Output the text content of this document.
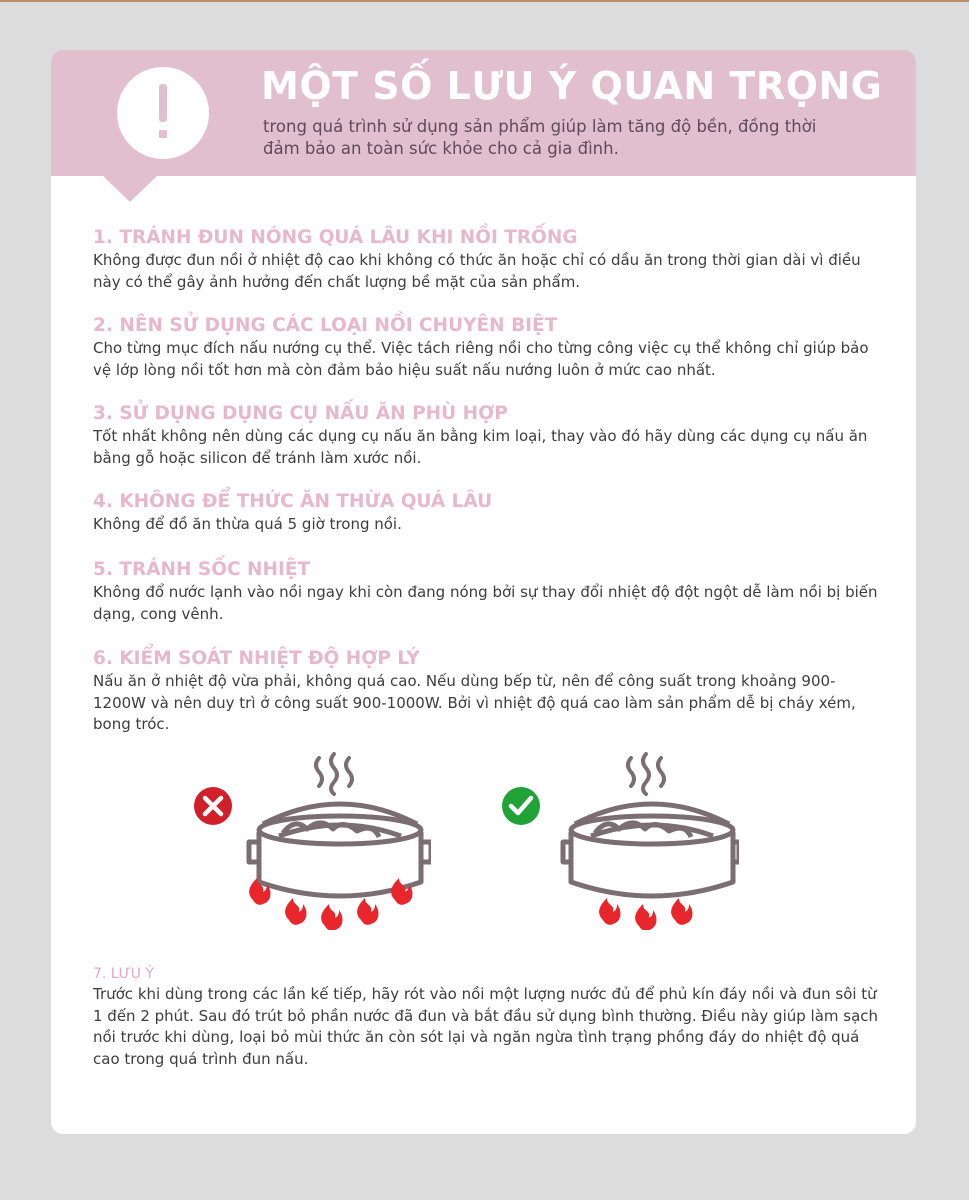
MỘT SỐ LƯU Ý QUAN TRỌNG

trong quá trình sử dụng sản phẩm giúp làm tăng độ bền, đồng thời đảm bảo an toàn sức khỏe cho cả gia đình.

1. TRÁNH ĐUN NÓNG QUÁ LÂU KHI NỒI TRỐNG

Không được đun nồi ở nhiệt độ cao khi không có thức ăn hoặc chỉ có dầu ăn trong thời gian dài vì điều này có thể gây ảnh hưởng đến chất lượng bề mặt của sản phẩm.

2. NÊN SỬ DỤNG CÁC LOẠI NỒI CHUYÊN BIỆT

Cho từng mục đích nấu nướng cụ thể. Việc tách riêng nồi cho từng công việc cụ thể không chỉ giúp bảo vệ lớp lòng nồi tốt hơn mà còn đảm bảo hiệu suất nấu nướng luôn ở mức cao nhất.

3. SỬ DỤNG DỤNG CỤ NẤU ĂN PHÙ HỢP

Tốt nhất không nên dùng các dụng cụ nấu ăn bằng kim loại, thay vào đó hãy dùng các dụng cụ nấu ăn bằng gỗ hoặc silicon để tránh làm xước nồi.

4. KHÔNG ĐỂ THỨC ĂN THỪA QUÁ LÂU

Không để đồ ăn thừa quá 5 giờ trong nồi.

5. TRÁNH SỐC NHIỆT

Không đổ nước lạnh vào nồi ngay khi còn đang nóng bởi sự thay đổi nhiệt độ đột ngột dễ làm nồi bị biến dạng, cong vênh.

6. KIỂM SOÁT NHIỆT ĐỘ HỢP LÝ

Nấu ăn ở nhiệt độ vừa phải, không quá cao. Nếu dùng bếp từ, nên để công suất trong khoảng 900-1200W và nên duy trì ở công suất 900-1000W. Bởi vì nhiệt độ quá cao làm sản phẩm dễ bị cháy xém, bong tróc.

7. LƯU Ý

Trước khi dùng trong các lần kế tiếp, hãy rót vào nồi một lượng nước đủ để phủ kín đáy nồi và đun sôi từ 1 đến 2 phút. Sau đó trút bỏ phần nước đã đun và bắt đầu sử dụng bình thường. Điều này giúp làm sạch nồi trước khi dùng, loại bỏ mùi thức ăn còn sót lại và ngăn ngừa tình trạng phồng đáy do nhiệt độ quá cao trong quá trình đun nấu.
